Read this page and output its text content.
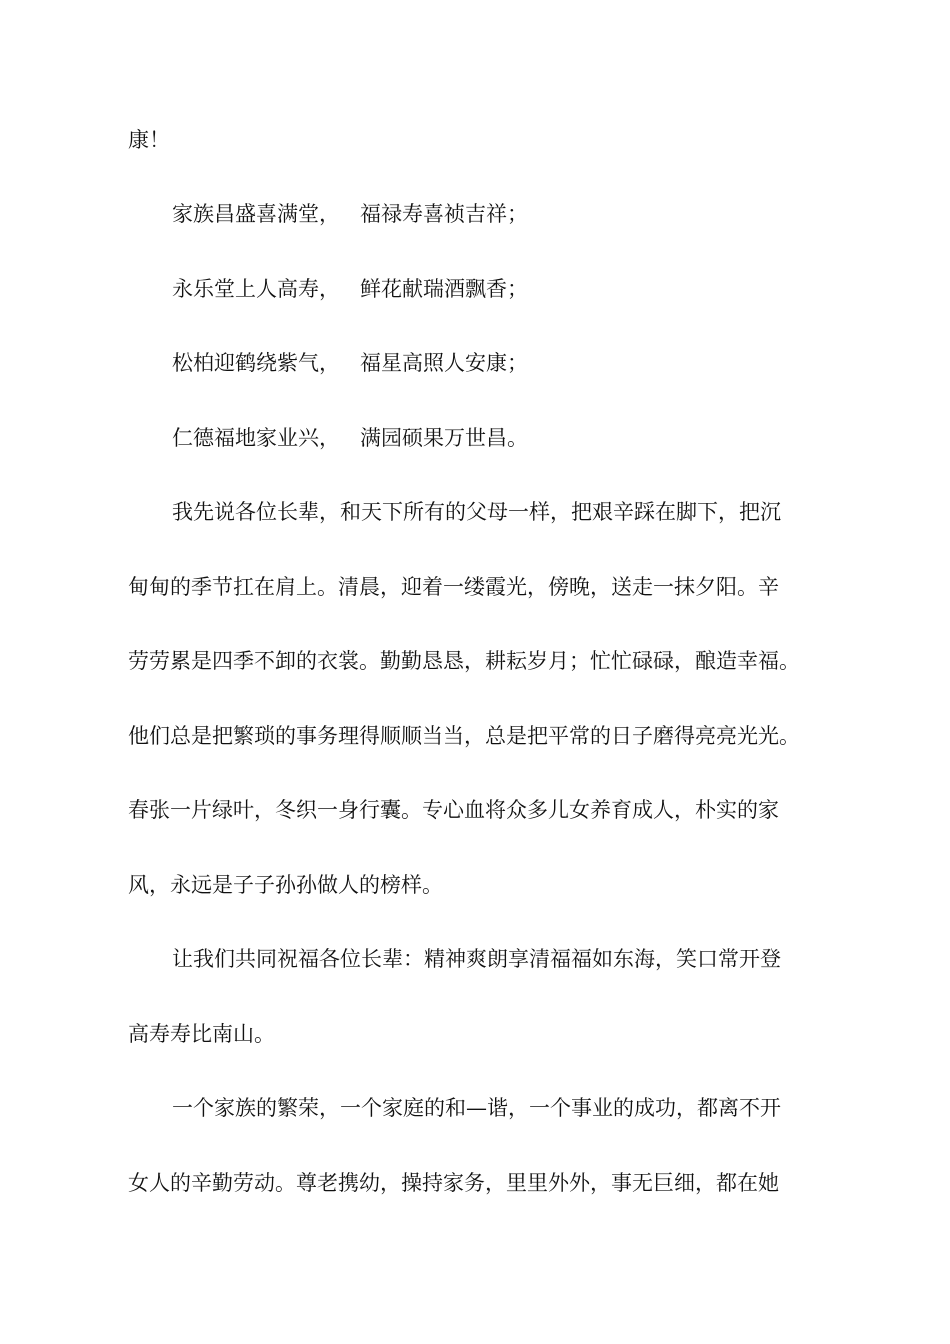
康！

家族昌盛喜满堂， 福禄寿喜祯吉祥；

永乐堂上人高寿， 鲜花献瑞酒飘香；

松柏迎鹤绕紫气， 福星高照人安康；

仁德福地家业兴， 满园硕果万世昌。

我先说各位长辈，和天下所有的父母一样，把艰辛踩在脚下，把沉

甸甸的季节扛在肩上。清晨，迎着一缕霞光，傍晚，送走一抹夕阳。辛

劳劳累是四季不卸的衣裳。勤勤恳恳，耕耘岁月；忙忙碌碌，酿造幸福。

他们总是把繁琐的事务理得顺顺当当，总是把平常的日子磨得亮亮光光。

春张一片绿叶，冬织一身行囊。专心血将众多儿女养育成人，朴实的家

风，永远是子子孙孙做人的榜样。

让我们共同祝福各位长辈：精神爽朗享清福福如东海，笑口常开登

高寿寿比南山。

一个家族的繁荣，一个家庭的和—谐，一个事业的成功，都离不开

女人的辛勤劳动。尊老携幼，操持家务，里里外外，事无巨细，都在她
